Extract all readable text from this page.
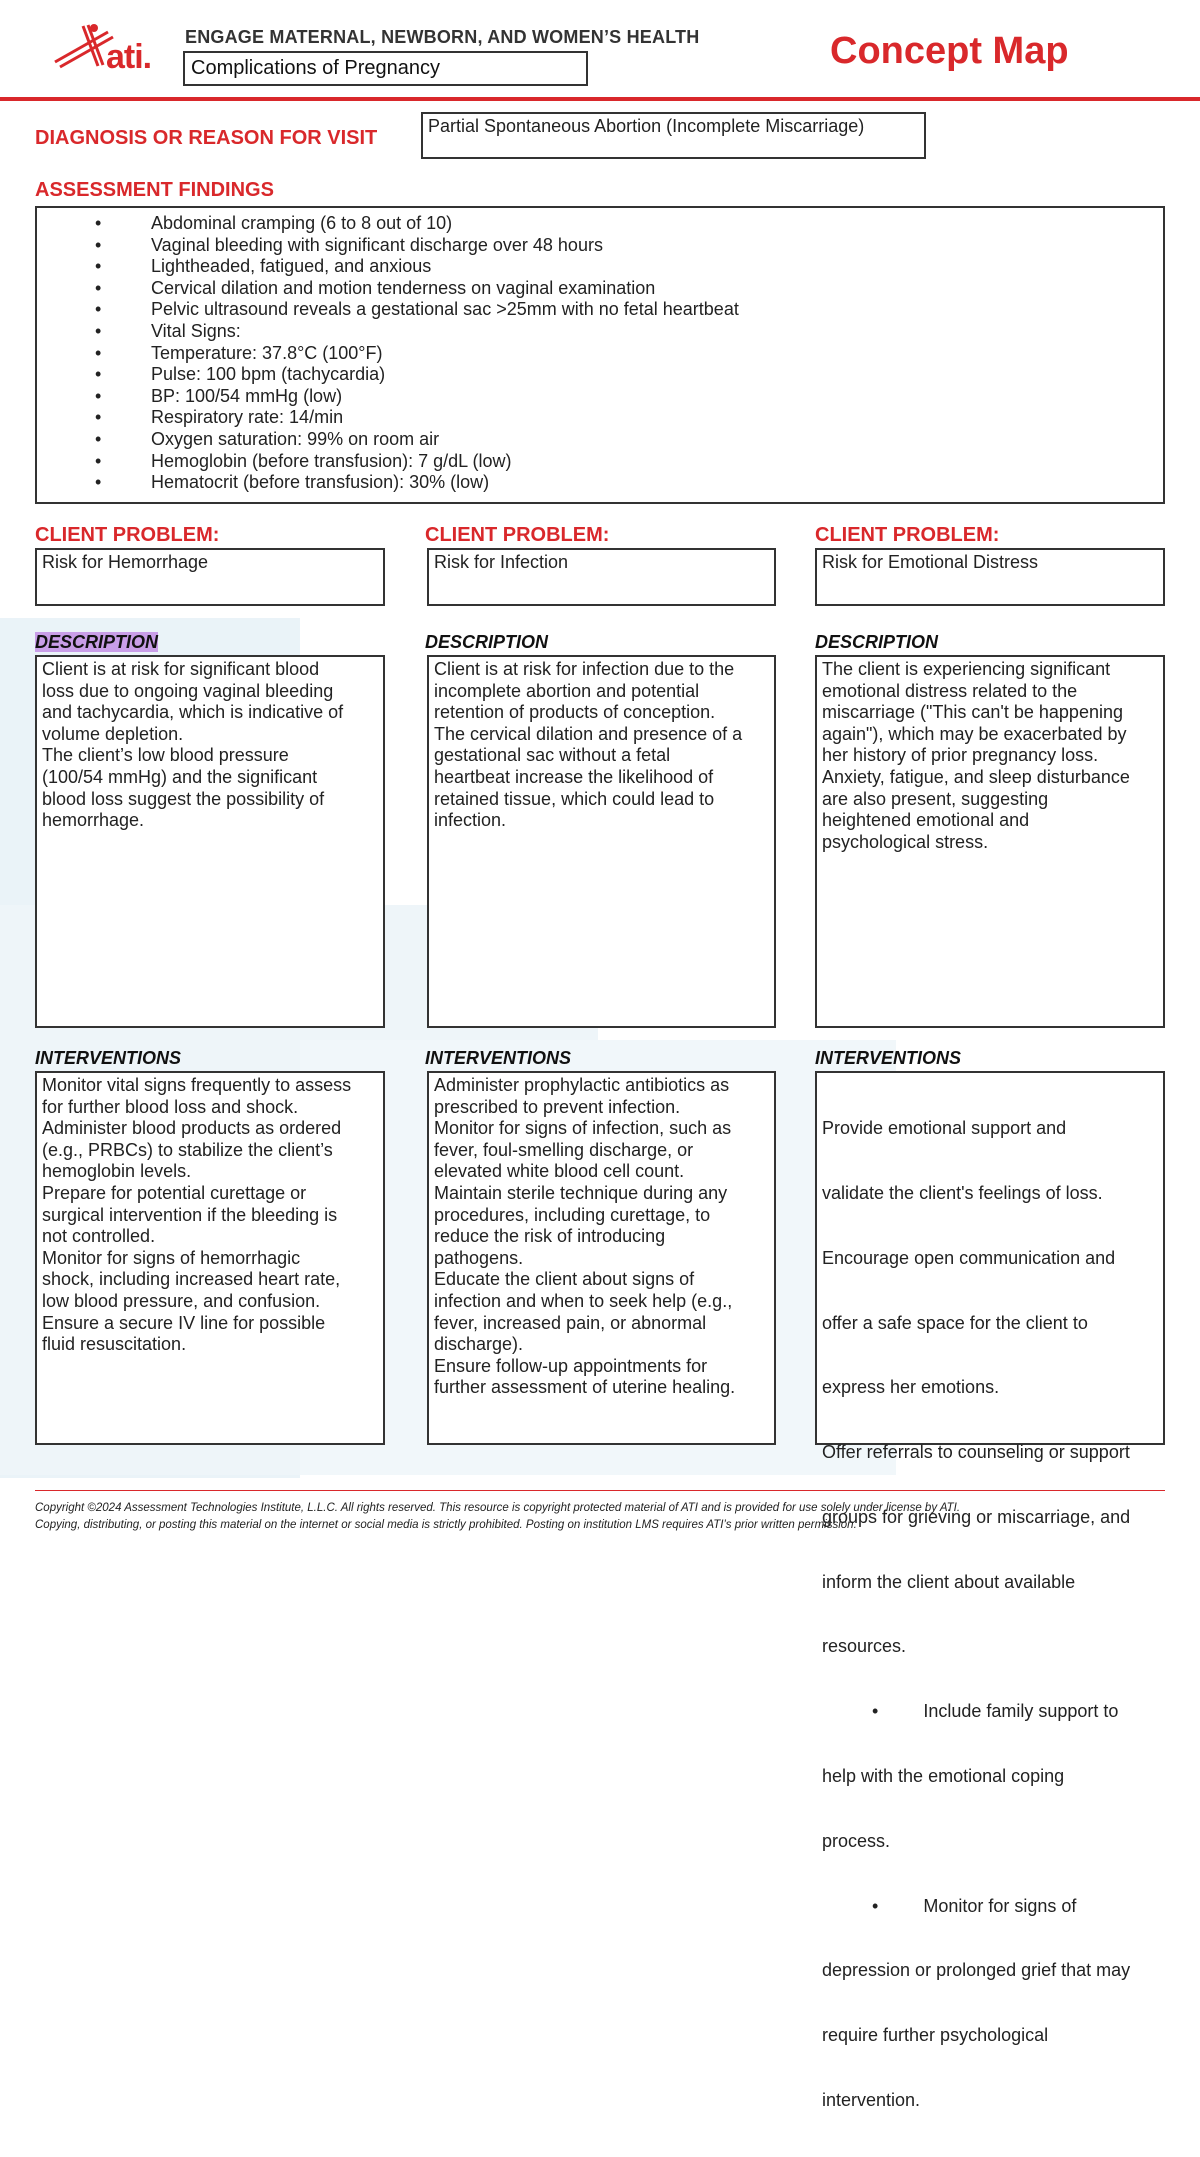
ati.
ENGAGE MATERNAL, NEWBORN, AND WOMEN’S HEALTH
Complications of Pregnancy	Concept Map
DIAGNOSIS OR REASON FOR VISIT
Partial Spontaneous Abortion (Incomplete Miscarriage)
ASSESSMENT FINDINGS
•	Abdominal cramping (6 to 8 out of 10)
•	Vaginal bleeding with significant discharge over 48 hours
•	Lightheaded, fatigued, and anxious
•	Cervical dilation and motion tenderness on vaginal examination
•	Pelvic ultrasound reveals a gestational sac >25mm with no fetal heartbeat
•	Vital Signs:
•	Temperature: 37.8°C (100°F)
•	Pulse: 100 bpm (tachycardia)
•	BP: 100/54 mmHg (low)
•	Respiratory rate: 14/min
•	Oxygen saturation: 99% on room air
•	Hemoglobin (before transfusion): 7 g/dL (low)
•	Hematocrit (before transfusion): 30% (low)
CLIENT PROBLEM:
Risk for Hemorrhage
DESCRIPTION
Client is at risk for significant blood
loss due to ongoing vaginal bleeding
and tachycardia, which is indicative of
volume depletion.
The client’s low blood pressure
(100/54 mmHg) and the significant
blood loss suggest the possibility of
hemorrhage.
INTERVENTIONS
Monitor vital signs frequently to assess
for further blood loss and shock.
Administer blood products as ordered
(e.g., PRBCs) to stabilize the client’s
hemoglobin levels.
Prepare for potential curettage or
surgical intervention if the bleeding is
not controlled.
Monitor for signs of hemorrhagic
shock, including increased heart rate,
low blood pressure, and confusion.
Ensure a secure IV line for possible
fluid resuscitation.
CLIENT PROBLEM:
Risk for Infection
DESCRIPTION
Client is at risk for infection due to the
incomplete abortion and potential
retention of products of conception.
The cervical dilation and presence of a
gestational sac without a fetal
heartbeat increase the likelihood of
retained tissue, which could lead to
infection.
INTERVENTIONS
Administer prophylactic antibiotics as
prescribed to prevent infection.
Monitor for signs of infection, such as
fever, foul-smelling discharge, or
elevated white blood cell count.
Maintain sterile technique during any
procedures, including curettage, to
reduce the risk of introducing
pathogens.
Educate the client about signs of
infection and when to seek help (e.g.,
fever, increased pain, or abnormal
discharge).
Ensure follow-up appointments for
further assessment of uterine healing.
CLIENT PROBLEM:
Risk for Emotional Distress
DESCRIPTION
The client is experiencing significant
emotional distress related to the
miscarriage ("This can't be happening
again"), which may be exacerbated by
her history of prior pregnancy loss.
Anxiety, fatigue, and sleep disturbance
are also present, suggesting
heightened emotional and
psychological stress.
INTERVENTIONS

Provide emotional support and

validate the client's feelings of loss.

Encourage open communication and

offer a safe space for the client to

express her emotions.

Offer referrals to counseling or support

groups for grieving or miscarriage, and

inform the client about available

resources.

•         Include family support to

help with the emotional coping

process.

•         Monitor for signs of

depression or prolonged grief that may

require further psychological

intervention.

Copyright ©2024 Assessment Technologies Institute, L.L.C. All rights reserved. This resource is copyright protected material of ATI and is provided for use solely under license by ATI.
Copying, distributing, or posting this material on the internet or social media is strictly prohibited. Posting on institution LMS requires ATI’s prior written permission.
